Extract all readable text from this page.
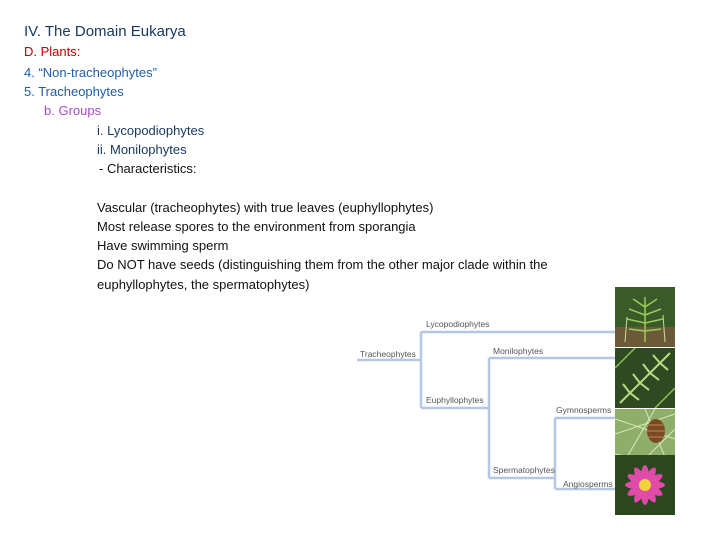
IV. The Domain Eukarya
D. Plants:
4. “Non-tracheophytes”
5. Tracheophytes
b. Groups
i. Lycopodiophytes
ii. Monilophytes
- Characteristics:
Vascular (tracheophytes) with true leaves (euphyllophytes)
Most release spores to the environment from sporangia
Have swimming sperm
Do NOT have seeds (distinguishing them from the other major clade within the
euphyllophytes, the spermatophytes)
Tracheophytes
Lycopodiophytes
Euphyllophytes
Monilophytes
Spermatophytes
Gymnosperms
Angiosperms
